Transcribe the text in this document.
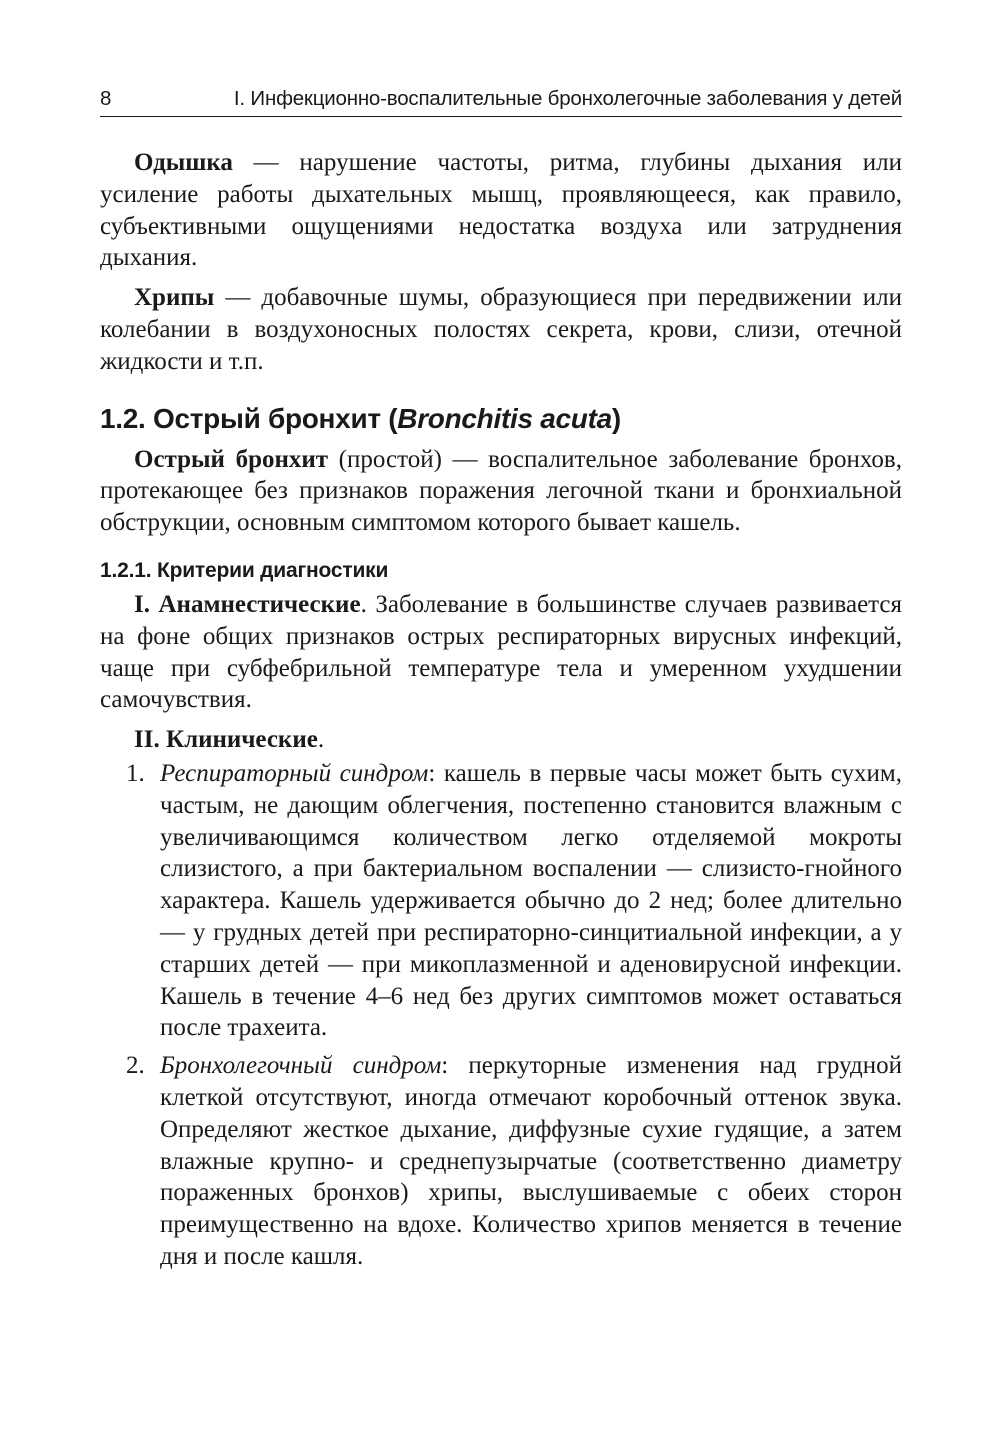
8	I. Инфекционно-воспалительные бронхолегочные заболевания у детей

Одышка — нарушение частоты, ритма, глубины дыхания или усиление работы дыхательных мышц, проявляющееся, как правило, субъективными ощущениями недостатка воздуха или затруднения дыхания.

Хрипы — добавочные шумы, образующиеся при передвижении или колебании в воздухоносных полостях секрета, крови, слизи, отечной жидкости и т.п.

1.2. Острый бронхит (Bronchitis acuta)

Острый бронхит (простой) — воспалительное заболевание бронхов, протекающее без признаков поражения легочной ткани и бронхиальной обструкции, основным симптомом которого бывает кашель.

1.2.1. Критерии диагностики

I. Анамнестические. Заболевание в большинстве случаев развивается на фоне общих признаков острых респираторных вирусных инфекций, чаще при субфебрильной температуре тела и умеренном ухудшении самочувствия.

II. Клинические.

1. Респираторный синдром: кашель в первые часы может быть сухим, частым, не дающим облегчения, постепенно становится влажным с увеличивающимся количеством легко отделяемой мокроты слизистого, а при бактериальном воспалении — слизисто-гнойного характера. Кашель удерживается обычно до 2 нед; более длительно — у грудных детей при респираторно-синцитиальной инфекции, а у старших детей — при микоплазменной и аденовирусной инфекции. Кашель в течение 4–6 нед без других симптомов может оставаться после трахеита.
2. Бронхолегочный синдром: перкуторные изменения над грудной клеткой отсутствуют, иногда отмечают коробочный оттенок звука. Определяют жесткое дыхание, диффузные сухие гудящие, а затем влажные крупно- и среднепузырчатые (соответственно диаметру пораженных бронхов) хрипы, выслушиваемые с обеих сторон преимущественно на вдохе. Количество хрипов меняется в течение дня и после кашля.
